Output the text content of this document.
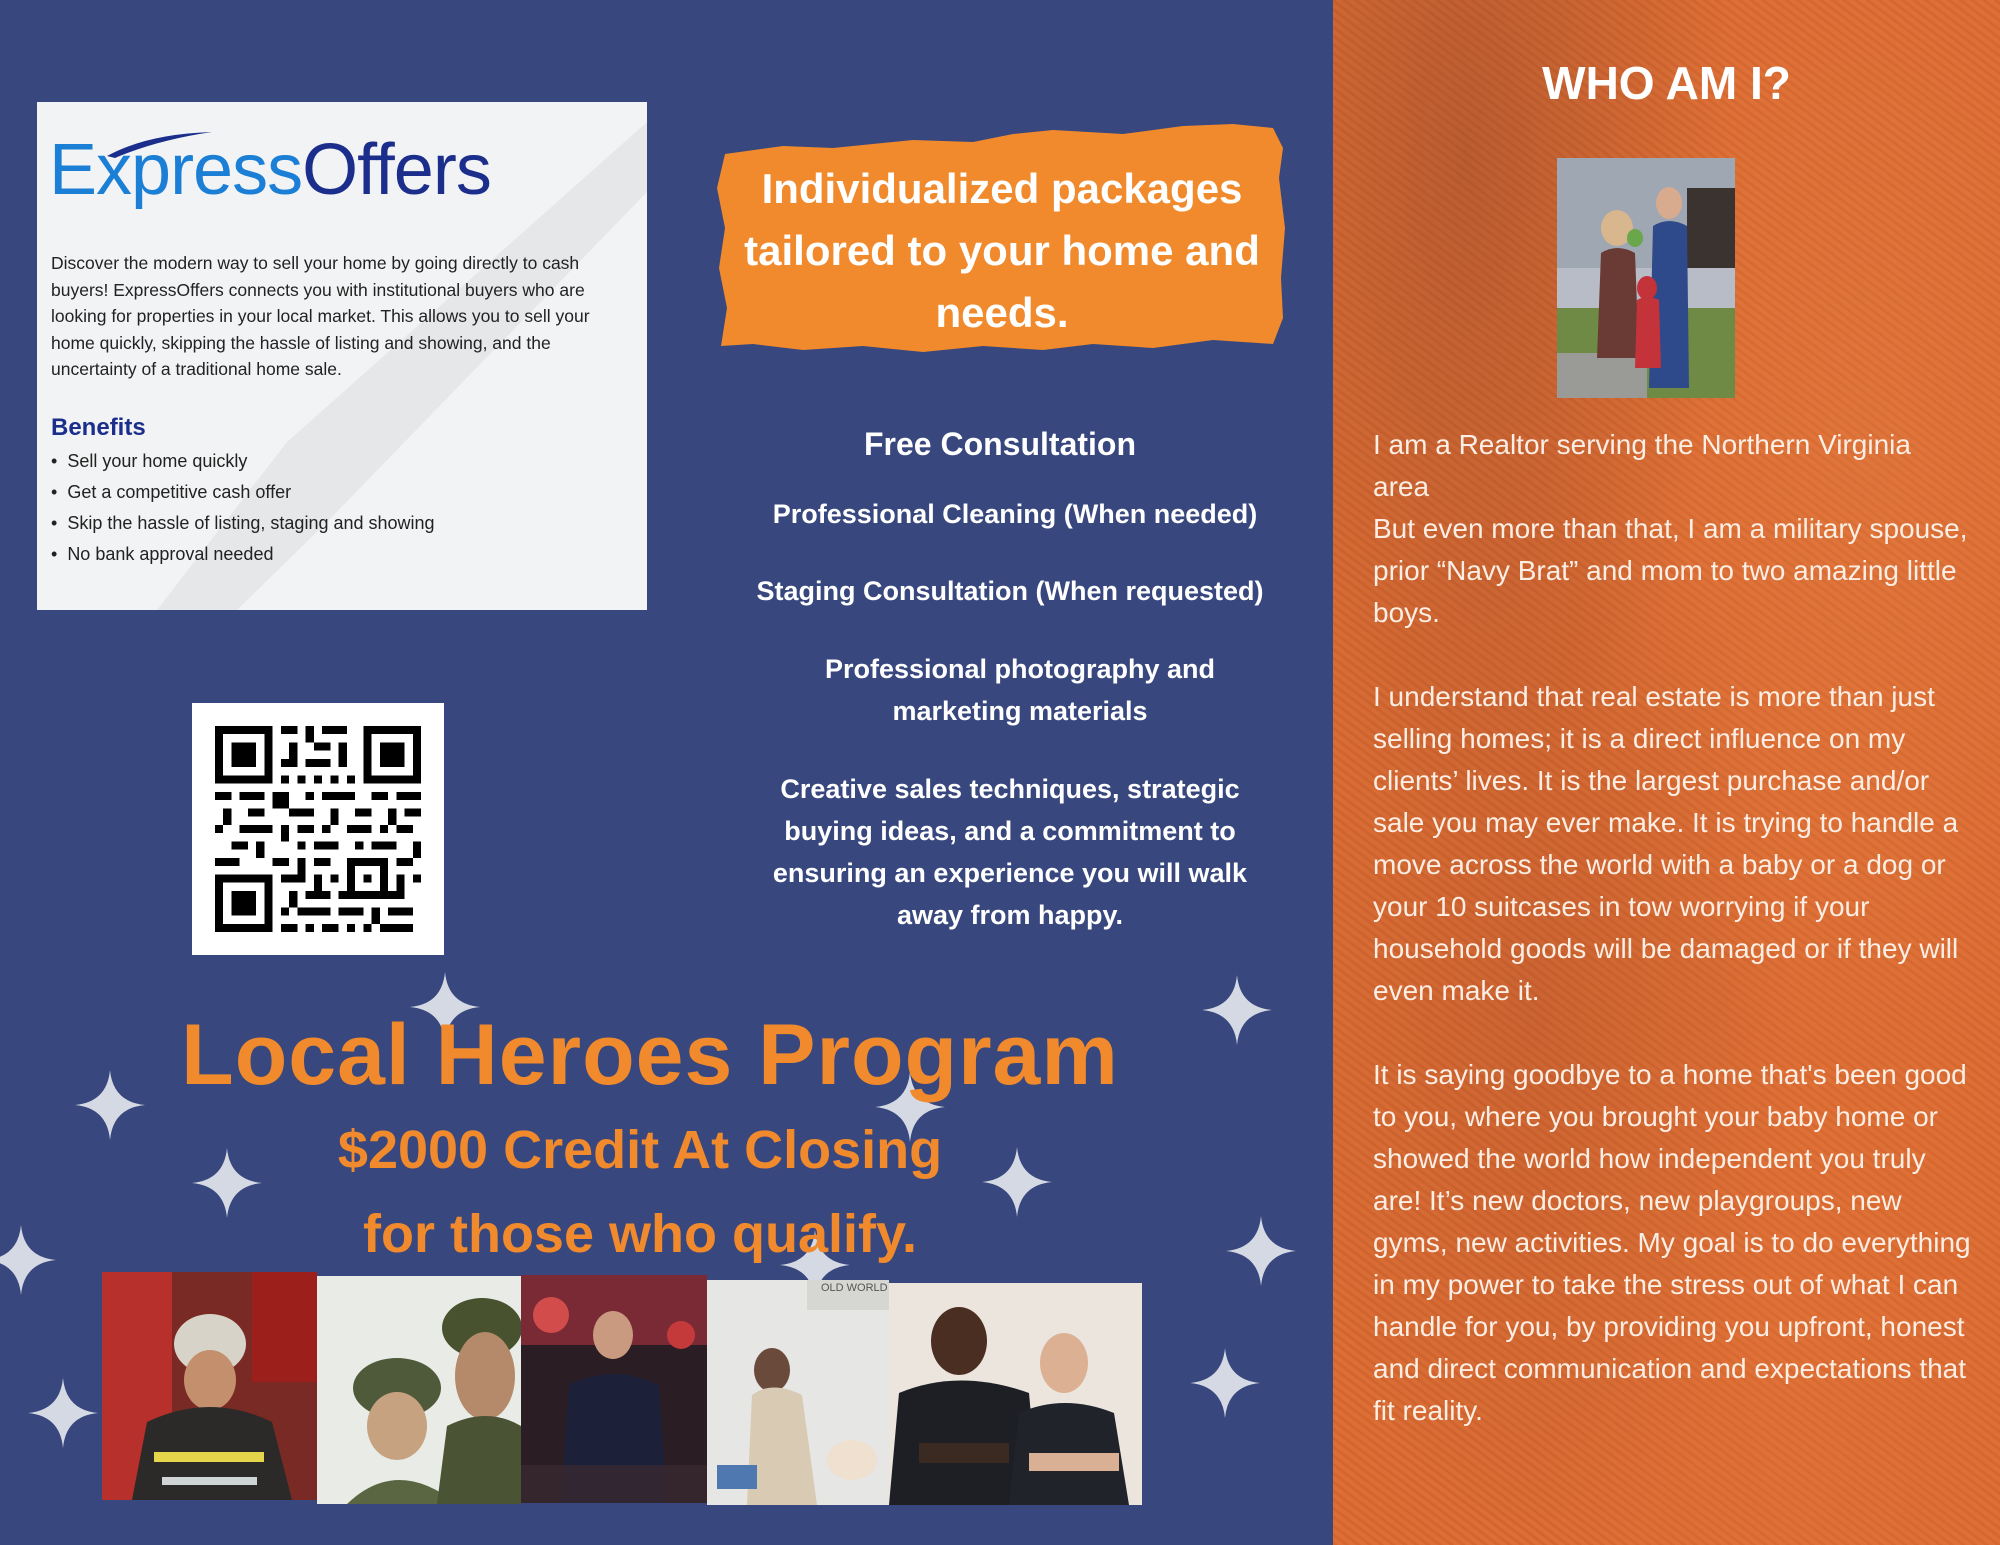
ExpressOffers
Discover the modern way to sell your home by going directly to cash buyers! ExpressOffers connects you with institutional buyers who are looking for properties in your local market. This allows you to sell your home quickly, skipping the hassle of listing and showing, and the uncertainty of a traditional home sale.
Benefits
• Sell your home quickly
• Get a competitive cash offer
• Skip the hassle of listing, staging and showing
• No bank approval needed
Individualized packages tailored to your home and needs.
Free Consultation
Professional Cleaning (When needed)
Staging Consultation (When requested)
Professional photography and marketing materials
Creative sales techniques, strategic buying ideas, and a commitment to ensuring an experience you will walk away from happy.
Local Heroes Program
$2000 Credit At Closing
for those who qualify.
OLD WORLD
WHO AM I?
I am a Realtor serving the Northern Virginia area
But even more than that, I am a military spouse, prior “Navy Brat” and mom to two amazing little boys.

I understand that real estate is more than just selling homes; it is a direct influence on my clients’ lives. It is the largest purchase and/or sale you may ever make. It is trying to handle a move across the world with a baby or a dog or your 10 suitcases in tow worrying if your household goods will be damaged or if they will even make it.

It is saying goodbye to a home that's been good to you, where you brought your baby home or showed the world how independent you truly are! It’s new doctors, new playgroups, new gyms, new activities. My goal is to do everything in my power to take the stress out of what I can handle for you, by providing you upfront, honest and direct communication and expectations that fit reality.
